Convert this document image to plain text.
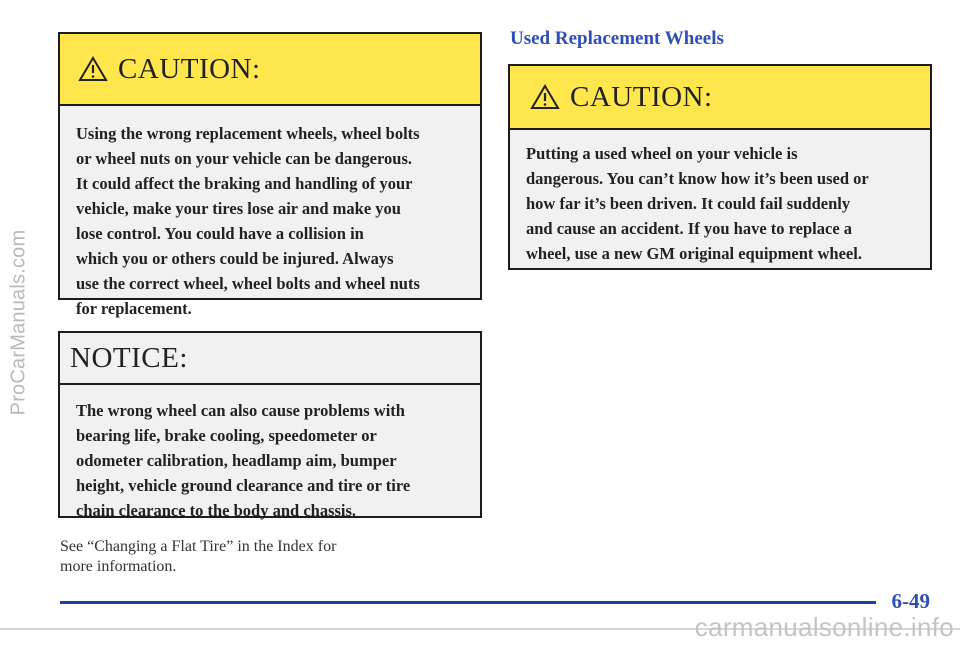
ProCarManuals.com
CAUTION:
Using the wrong replacement wheels, wheel bolts
or wheel nuts on your vehicle can be dangerous.
It could affect the braking and handling of your
vehicle, make your tires lose air and make you
lose control. You could have a collision in
which you or others could be injured. Always
use the correct wheel, wheel bolts and wheel nuts
for replacement.
NOTICE:
The wrong wheel can also cause problems with
bearing life, brake cooling, speedometer or
odometer calibration, headlamp aim, bumper
height, vehicle ground clearance and tire or tire
chain clearance to the body and chassis.
See “Changing a Flat Tire” in the Index for
more information.
Used Replacement Wheels
CAUTION:
Putting a used wheel on your vehicle is
dangerous. You can’t know how it’s been used or
how far it’s been driven. It could fail suddenly
and cause an accident. If you have to replace a
wheel, use a new GM original equipment wheel.
6-49
carmanualsonline.info
